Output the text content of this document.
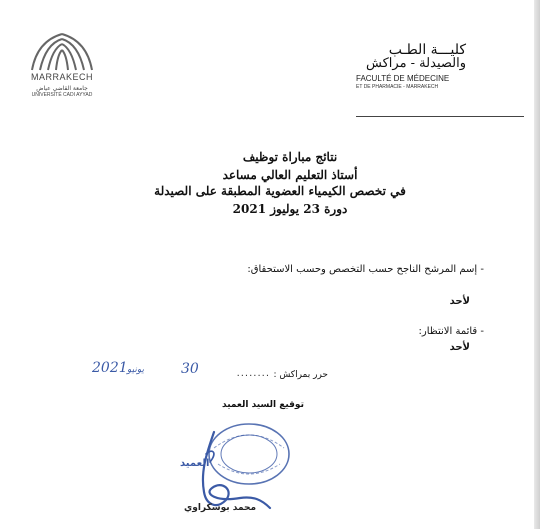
MARRAKECH
جامعة القاضي عياض
UNIVERSITÉ CADI AYYAD
كليـــة الطـب
والصيدلة - مراكش
FACULTÉ DE MÉDECINE
ET DE PHARMACIE - MARRAKECH
نتائج مباراة توظيف
أستاذ التعليم العالي مساعد
في تخصص الكيمياء العضوية المطبقة على الصيدلة
دورة 23 يوليوز 2021
- إسم المرشح الناجح حسب التخصص وحسب الاستحقاق:
لأحد
- قائمة الانتظار:
لأحد
حرر بمراكش :
........
30
يونيو
2021
توقيع السيد العميد
العميد
محمد بوسكراوي
